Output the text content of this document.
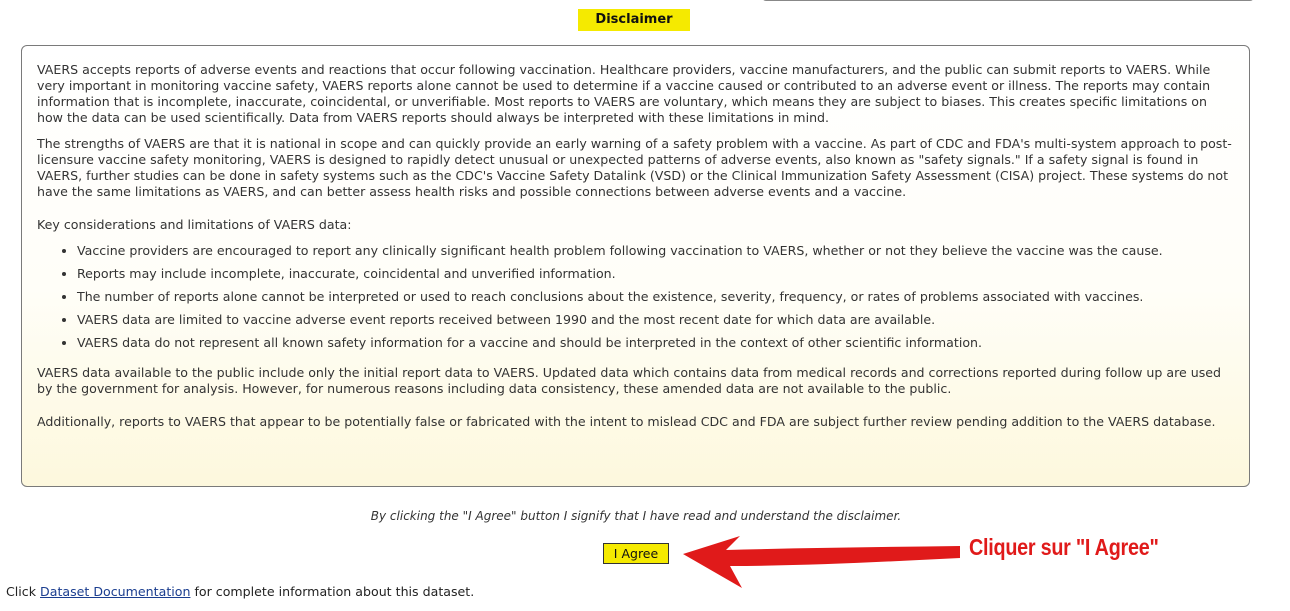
Disclaimer

VAERS accepts reports of adverse events and reactions that occur following vaccination. Healthcare providers, vaccine manufacturers, and the public can submit reports to VAERS. While very important in monitoring vaccine safety, VAERS reports alone cannot be used to determine if a vaccine caused or contributed to an adverse event or illness. The reports may contain information that is incomplete, inaccurate, coincidental, or unverifiable. Most reports to VAERS are voluntary, which means they are subject to biases. This creates specific limitations on how the data can be used scientifically. Data from VAERS reports should always be interpreted with these limitations in mind.

The strengths of VAERS are that it is national in scope and can quickly provide an early warning of a safety problem with a vaccine. As part of CDC and FDA's multi-system approach to post-licensure vaccine safety monitoring, VAERS is designed to rapidly detect unusual or unexpected patterns of adverse events, also known as "safety signals." If a safety signal is found in VAERS, further studies can be done in safety systems such as the CDC's Vaccine Safety Datalink (VSD) or the Clinical Immunization Safety Assessment (CISA) project. These systems do not have the same limitations as VAERS, and can better assess health risks and possible connections between adverse events and a vaccine.

Key considerations and limitations of VAERS data:

• Vaccine providers are encouraged to report any clinically significant health problem following vaccination to VAERS, whether or not they believe the vaccine was the cause.
• Reports may include incomplete, inaccurate, coincidental and unverified information.
• The number of reports alone cannot be interpreted or used to reach conclusions about the existence, severity, frequency, or rates of problems associated with vaccines.
• VAERS data are limited to vaccine adverse event reports received between 1990 and the most recent date for which data are available.
• VAERS data do not represent all known safety information for a vaccine and should be interpreted in the context of other scientific information.

VAERS data available to the public include only the initial report data to VAERS. Updated data which contains data from medical records and corrections reported during follow up are used by the government for analysis. However, for numerous reasons including data consistency, these amended data are not available to the public.

Additionally, reports to VAERS that appear to be potentially false or fabricated with the intent to mislead CDC and FDA are subject further review pending addition to the VAERS database.

By clicking the "I Agree" button I signify that I have read and understand the disclaimer.
I Agree	Cliquer sur "I Agree"
Click Dataset Documentation for complete information about this dataset.
